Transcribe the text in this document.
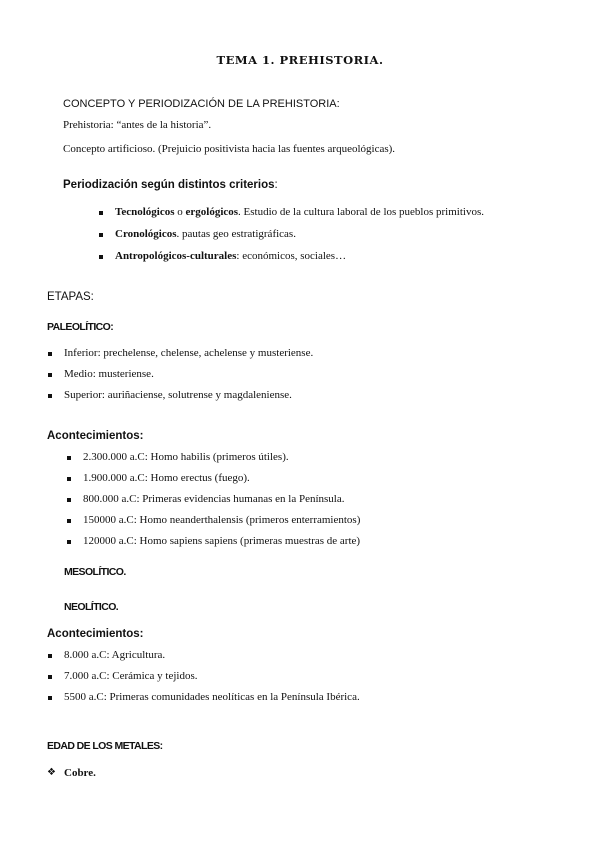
TEMA 1. PREHISTORIA.
CONCEPTO Y PERIODIZACIÓN DE LA PREHISTORIA:
Prehistoria: “antes de la historia”.
Concepto artificioso. (Prejuicio positivista hacia las fuentes arqueológicas).
Periodización según distintos criterios:
Tecnológicos o ergológicos. Estudio de la cultura laboral de los pueblos primitivos.
Cronológicos. pautas geo estratigráficas.
Antropológicos-culturales: económicos, sociales…
ETAPAS:
PALEOLÍTICO:
Inferior: prechelense, chelense, achelense y musteriense.
Medio: musteriense.
Superior: auriñaciense, solutrense y magdaleniense.
Acontecimientos:
2.300.000 a.C: Homo habilis (primeros útiles).
1.900.000 a.C: Homo erectus (fuego).
800.000 a.C: Primeras evidencias humanas en la Península.
150000 a.C: Homo neanderthalensis (primeros enterramientos)
120000 a.C: Homo sapiens sapiens (primeras muestras de arte)
MESOLÍTICO.
NEOLÍTICO.
Acontecimientos:
8.000 a.C: Agricultura.
7.000 a.C: Cerámica y tejidos.
5500 a.C: Primeras comunidades neolíticas en la Península Ibérica.
EDAD DE LOS METALES:
❖ Cobre.
